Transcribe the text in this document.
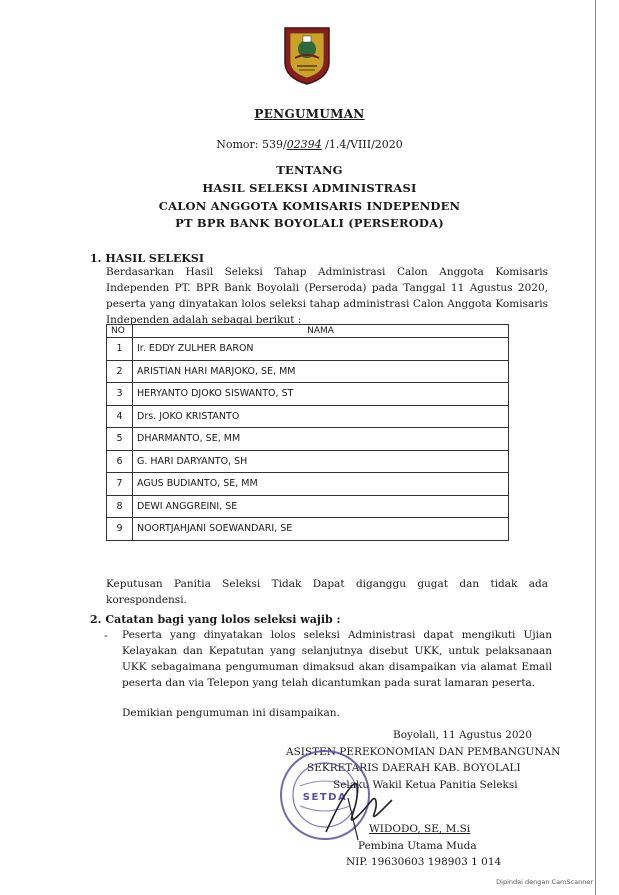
PENGUMUMAN
Nomor: 539/02394 /1.4/VIII/2020
TENTANG
HASIL SELEKSI ADMINISTRASI
CALON ANGGOTA KOMISARIS INDEPENDEN
PT BPR BANK BOYOLALI (PERSERODA)
1. HASIL SELEKSI
Berdasarkan Hasil Seleksi Tahap Administrasi Calon Anggota Komisaris Independen PT. BPR Bank Boyolali (Perseroda) pada Tanggal 11 Agustus 2020, peserta yang dinyatakan lolos seleksi tahap administrasi Calon Anggota Komisaris Independen adalah sebagai berikut :
NO	NAMA
1	Ir. EDDY ZULHER BARON
2	ARISTIAN HARI MARJOKO, SE, MM
3	HERYANTO DJOKO SISWANTO, ST
4	Drs. JOKO KRISTANTO
5	DHARMANTO, SE, MM
6	G. HARI DARYANTO, SH
7	AGUS BUDIANTO, SE, MM
8	DEWI ANGGREINI, SE
9	NOORTJAHJANI SOEWANDARI, SE
Keputusan Panitia Seleksi Tidak Dapat diganggu gugat dan tidak ada korespondensi.
2. Catatan bagi yang lolos seleksi wajib :
- Peserta yang dinyatakan lolos seleksi Administrasi dapat mengikuti Ujian Kelayakan dan Kepatutan yang selanjutnya disebut UKK, untuk pelaksanaan UKK sebagaimana pengumuman dimaksud akan disampaikan via alamat Email peserta dan via Telepon yang telah dicantumkan pada surat lamaran peserta.
Demikian pengumuman ini disampaikan.
Boyolali, 11 Agustus 2020
ASISTEN PEREKONOMIAN DAN PEMBANGUNAN
SEKRETARIS DAERAH KAB. BOYOLALI
Selaku Wakil Ketua Panitia Seleksi
SETDA
WIDODO, SE, M.Si
Pembina Utama Muda
NIP. 19630603 198903 1 014
Dipindai dengan CamScanner
